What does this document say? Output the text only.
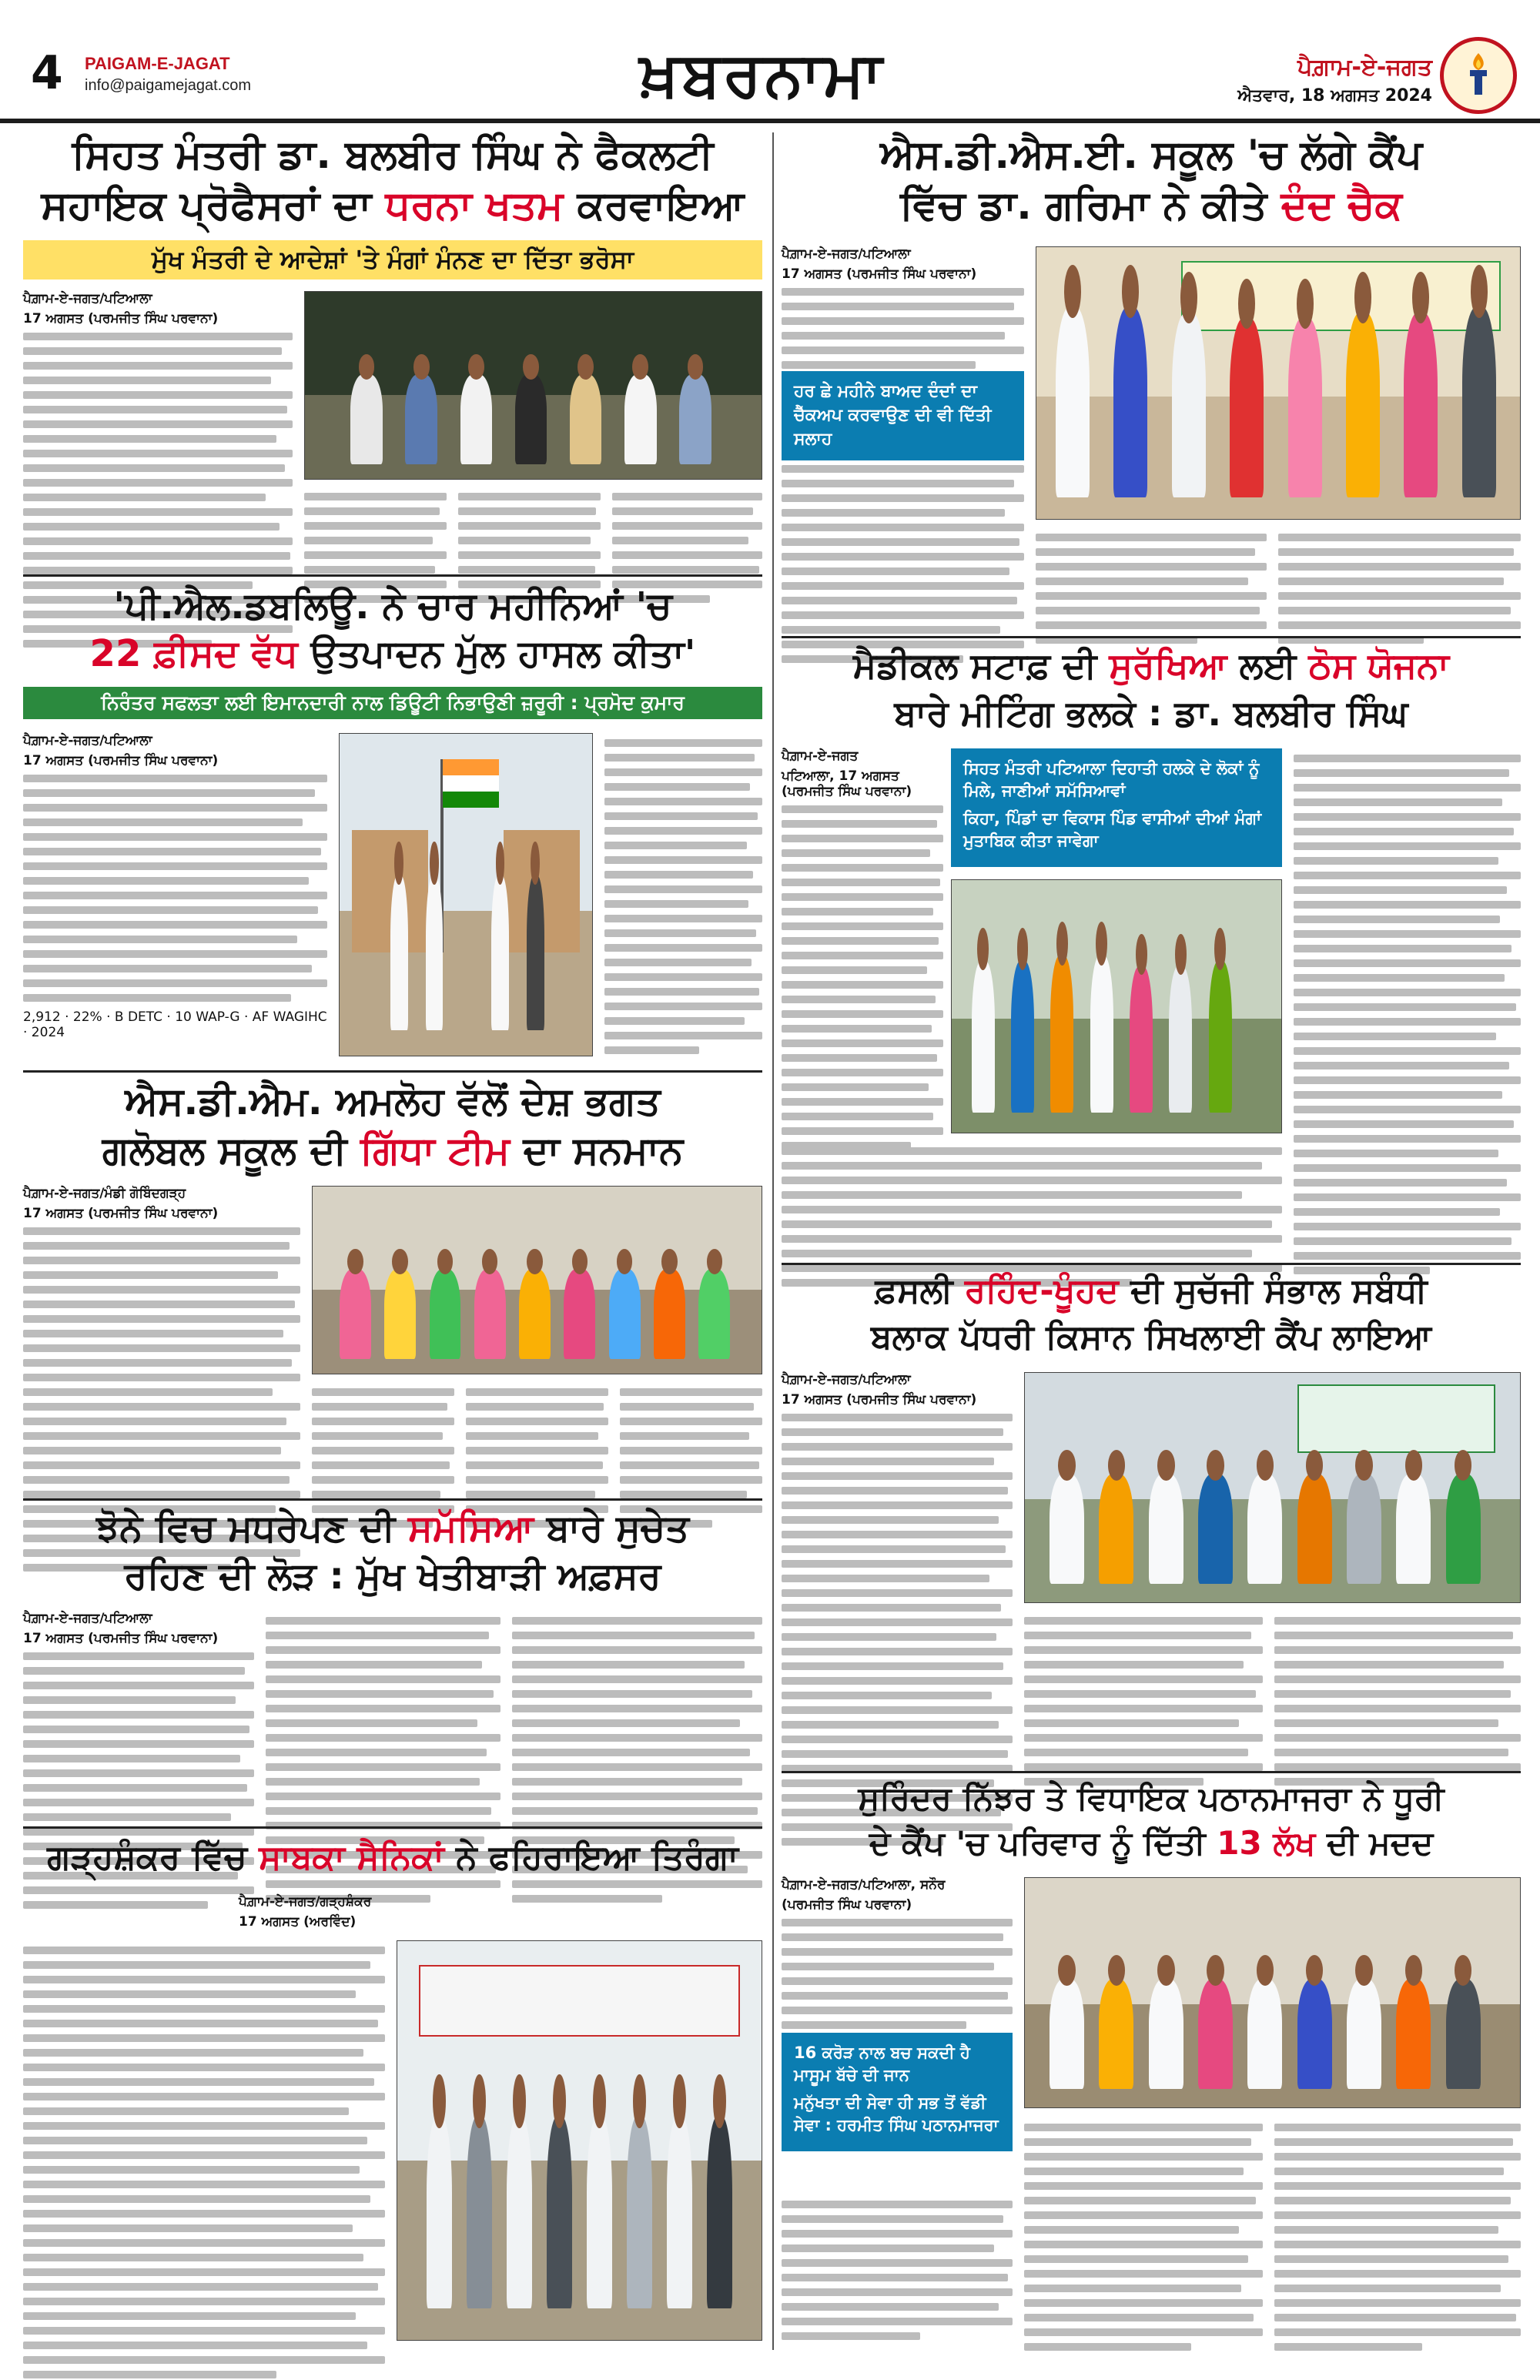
4 PAIGAM-E-JAGAT
info@paigamejagat.com	ਖ਼ਬਰਨਾਮਾ	ਪੈਗ਼ਾਮ-ਏ-ਜਗਤ
ਐਤਵਾਰ, 18 ਅਗਸਤ 2024
ਸਿਹਤ ਮੰਤਰੀ ਡਾ. ਬਲਬੀਰ ਸਿੰਘ ਨੇ ਫੈਕਲਟੀ
ਸਹਾਇਕ ਪ੍ਰੋਫੈਸਰਾਂ ਦਾ ਧਰਨਾ ਖਤਮ ਕਰਵਾਇਆ
ਮੁੱਖ ਮੰਤਰੀ ਦੇ ਆਦੇਸ਼ਾਂ 'ਤੇ ਮੰਗਾਂ ਮੰਨਣ ਦਾ ਦਿੱਤਾ ਭਰੋਸਾ
ਪੈਗ਼ਾਮ-ਏ-ਜਗਤ/ਪਟਿਆਲਾ
17 ਅਗਸਤ (ਪਰਮਜੀਤ ਸਿੰਘ ਪਰਵਾਨਾ)
'ਪੀ.ਐਲ.ਡਬਲਿਊ. ਨੇ ਚਾਰ ਮਹੀਨਿਆਂ 'ਚ
22 ਫ਼ੀਸਦ ਵੱਧ ਉਤਪਾਦਨ ਮੁੱਲ ਹਾਸਲ ਕੀਤਾ'
ਨਿਰੰਤਰ ਸਫਲਤਾ ਲਈ ਇਮਾਨਦਾਰੀ ਨਾਲ ਡਿਊਟੀ ਨਿਭਾਉਣੀ ਜ਼ਰੂਰੀ : ਪ੍ਰਮੋਦ ਕੁਮਾਰ
ਪੈਗ਼ਾਮ-ਏ-ਜਗਤ/ਪਟਿਆਲਾ
17 ਅਗਸਤ (ਪਰਮਜੀਤ ਸਿੰਘ ਪਰਵਾਨਾ)
2,912 · 22% · B DETC · 10 WAP-G · AF WAGIHC · 2024
ਐਸ.ਡੀ.ਐਮ. ਅਮਲੋਹ ਵੱਲੋਂ ਦੇਸ਼ ਭਗਤ
ਗਲੋਬਲ ਸਕੂਲ ਦੀ ਗਿੱਧਾ ਟੀਮ ਦਾ ਸਨਮਾਨ
ਪੈਗ਼ਾਮ-ਏ-ਜਗਤ/ਮੰਡੀ ਗੋਬਿੰਦਗੜ੍ਹ
17 ਅਗਸਤ (ਪਰਮਜੀਤ ਸਿੰਘ ਪਰਵਾਨਾ)
ਝੋਨੇ ਵਿਚ ਮਧਰੇਪਣ ਦੀ ਸਮੱਸਿਆ ਬਾਰੇ ਸੁਚੇਤ
ਰਹਿਣ ਦੀ ਲੋੜ : ਮੁੱਖ ਖੇਤੀਬਾੜੀ ਅਫ਼ਸਰ
ਪੈਗ਼ਾਮ-ਏ-ਜਗਤ/ਪਟਿਆਲਾ
17 ਅਗਸਤ (ਪਰਮਜੀਤ ਸਿੰਘ ਪਰਵਾਨਾ)
ਗੜ੍ਹਸ਼ੰਕਰ ਵਿੱਚ ਸਾਬਕਾ ਸੈਨਿਕਾਂ ਨੇ ਫਹਿਰਾਇਆ ਤਿਰੰਗਾ
ਪੈਗ਼ਾਮ-ਏ-ਜਗਤ/ਗੜ੍ਹਸ਼ੰਕਰ
17 ਅਗਸਤ (ਅਰਵਿੰਦ)
ਐਸ.ਡੀ.ਐਸ.ਈ. ਸਕੂਲ 'ਚ ਲੱਗੇ ਕੈਂਪ
ਵਿੱਚ ਡਾ. ਗਰਿਮਾ ਨੇ ਕੀਤੇ ਦੰਦ ਚੈਕ
ਪੈਗ਼ਾਮ-ਏ-ਜਗਤ/ਪਟਿਆਲਾ
17 ਅਗਸਤ (ਪਰਮਜੀਤ ਸਿੰਘ ਪਰਵਾਨਾ)
ਹਰ ਛੇ ਮਹੀਨੇ ਬਾਅਦ ਦੰਦਾਂ ਦਾ ਚੈੱਕਅਪ ਕਰਵਾਉਣ ਦੀ ਵੀ ਦਿੱਤੀ ਸਲਾਹ
ਮੈਡੀਕਲ ਸਟਾਫ਼ ਦੀ ਸੁਰੱਖਿਆ ਲਈ ਠੋਸ ਯੋਜਨਾ
ਬਾਰੇ ਮੀਟਿੰਗ ਭਲਕੇ : ਡਾ. ਬਲਬੀਰ ਸਿੰਘ
ਪੈਗ਼ਾਮ-ਏ-ਜਗਤ
ਪਟਿਆਲਾ, 17 ਅਗਸਤ (ਪਰਮਜੀਤ ਸਿੰਘ ਪਰਵਾਨਾ)
ਸਿਹਤ ਮੰਤਰੀ ਪਟਿਆਲਾ ਦਿਹਾਤੀ ਹਲਕੇ ਦੇ ਲੋਕਾਂ ਨੂੰ ਮਿਲੇ, ਜਾਣੀਆਂ ਸਮੱਸਿਆਵਾਂ
ਕਿਹਾ, ਪਿੰਡਾਂ ਦਾ ਵਿਕਾਸ ਪਿੰਡ ਵਾਸੀਆਂ ਦੀਆਂ ਮੰਗਾਂ ਮੁਤਾਬਿਕ ਕੀਤਾ ਜਾਵੇਗਾ
ਫ਼ਸਲੀ ਰਹਿੰਦ-ਖੂੰਹਦ ਦੀ ਸੁਚੱਜੀ ਸੰਭਾਲ ਸਬੰਧੀ
ਬਲਾਕ ਪੱਧਰੀ ਕਿਸਾਨ ਸਿਖਲਾਈ ਕੈਂਪ ਲਾਇਆ
ਪੈਗ਼ਾਮ-ਏ-ਜਗਤ/ਪਟਿਆਲਾ
17 ਅਗਸਤ (ਪਰਮਜੀਤ ਸਿੰਘ ਪਰਵਾਨਾ)
ਸੁਰਿੰਦਰ ਨਿੱਝਰ ਤੇ ਵਿਧਾਇਕ ਪਠਾਨਮਾਜਰਾ ਨੇ ਧੂਰੀ
ਦੇ ਕੈਂਪ 'ਚ ਪਰਿਵਾਰ ਨੂੰ ਦਿੱਤੀ 13 ਲੱਖ ਦੀ ਮਦਦ
ਪੈਗ਼ਾਮ-ਏ-ਜਗਤ/ਪਟਿਆਲਾ, ਸਨੌਰ
(ਪਰਮਜੀਤ ਸਿੰਘ ਪਰਵਾਨਾ)
16 ਕਰੋੜ ਨਾਲ ਬਚ ਸਕਦੀ ਹੈ ਮਾਸੂਮ ਬੱਚੇ ਦੀ ਜਾਨ
ਮਨੁੱਖਤਾ ਦੀ ਸੇਵਾ ਹੀ ਸਭ ਤੋਂ ਵੱਡੀ ਸੇਵਾ : ਹਰਮੀਤ ਸਿੰਘ ਪਠਾਨਮਾਜਰਾ
